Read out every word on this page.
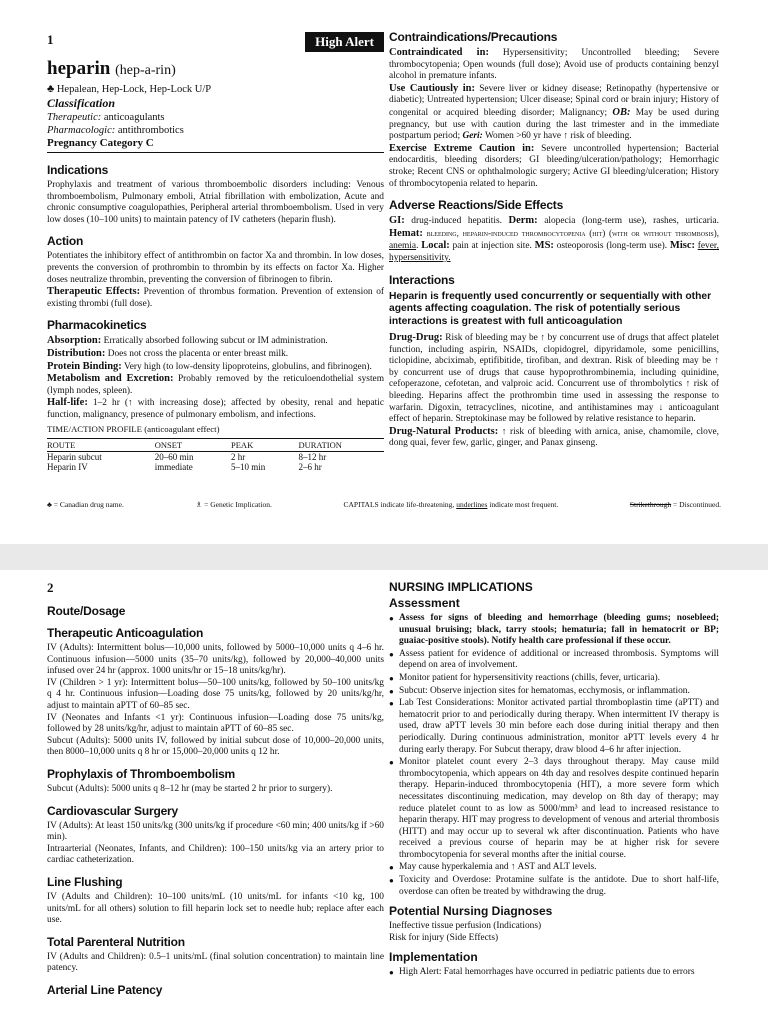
1	High Alert
heparin (hep-a-rin)
♣ Hepalean, Hep-Lock, Hep-Lock U/P
Classification
Therapeutic: anticoagulants
Pharmacologic: antithrombotics
Pregnancy Category C
Indications

Prophylaxis and treatment of various thromboembolic disorders including: Venous thromboembolism, Pulmonary emboli, Atrial fibrillation with embolization, Acute and chronic consumptive coagulopathies, Peripheral arterial thromboembolism. Used in very low doses (10–100 units) to maintain patency of IV catheters (heparin flush).

Action

Potentiates the inhibitory effect of antithrombin on factor Xa and thrombin. In low doses, prevents the conversion of prothrombin to thrombin by its effects on factor Xa. Higher doses neutralize thrombin, preventing the conversion of fibrinogen to fibrin.

Therapeutic Effects: Prevention of thrombus formation. Prevention of extension of existing thrombi (full dose).

Pharmacokinetics

Absorption: Erratically absorbed following subcut or IM administration.

Distribution: Does not cross the placenta or enter breast milk.

Protein Binding: Very high (to low-density lipoproteins, globulins, and fibrinogen).

Metabolism and Excretion: Probably removed by the reticuloendothelial system (lymph nodes, spleen).

Half-life: 1–2 hr (↑ with increasing dose); affected by obesity, renal and hepatic function, malignancy, presence of pulmonary embolism, and infections.

TIME/ACTION PROFILE (anticoagulant effect)

ROUTE	ONSET	PEAK	DURATION
Heparin subcut	20–60 min	2 hr	8–12 hr
Heparin IV	immediate	5–10 min	2–6 hr
Contraindications/Precautions

Contraindicated in: Hypersensitivity; Uncontrolled bleeding; Severe thrombocytopenia; Open wounds (full dose); Avoid use of products containing benzyl alcohol in premature infants.

Use Cautiously in: Severe liver or kidney disease; Retinopathy (hypertensive or diabetic); Untreated hypertension; Ulcer disease; Spinal cord or brain injury; History of congenital or acquired bleeding disorder; Malignancy; OB: May be used during pregnancy, but use with caution during the last trimester and in the immediate postpartum period; Geri: Women >60 yr have ↑ risk of bleeding.

Exercise Extreme Caution in: Severe uncontrolled hypertension; Bacterial endocarditis, bleeding disorders; GI bleeding/ulceration/pathology; Hemorrhagic stroke; Recent CNS or ophthalmologic surgery; Active GI bleeding/ulceration; History of thrombocytopenia related to heparin.

Adverse Reactions/Side Effects

GI: drug-induced hepatitis. Derm: alopecia (long-term use), rashes, urticaria. Hemat: bleeding, heparin-induced thrombocytopenia (hit) (with or without thrombosis), anemia. Local: pain at injection site. MS: osteoporosis (long-term use). Misc: fever, hypersensitivity.

Interactions
Heparin is frequently used concurrently or sequentially with other agents affecting coagulation. The risk of potentially serious interactions is greatest with full anticoagulation

Drug-Drug: Risk of bleeding may be ↑ by concurrent use of drugs that affect platelet function, including aspirin, NSAIDs, clopidogrel, dipyridamole, some penicillins, ticlopidine, abciximab, eptifibitide, tirofiban, and dextran. Risk of bleeding may be ↑ by concurrent use of drugs that cause hypoprothrombinemia, including quinidine, cefoperazone, cefotetan, and valproic acid. Concurrent use of thrombolytics ↑ risk of bleeding. Heparins affect the prothrombin time used in assessing the response to warfarin. Digoxin, tetracyclines, nicotine, and antihistamines may ↓ anticoagulant effect of heparin. Streptokinase may be followed by relative resistance to heparin.

Drug-Natural Products: ↑ risk of bleeding with arnica, anise, chamomile, clove, dong quai, fever few, garlic, ginger, and Panax ginseng.

♣ = Canadian drug name.	♗ = Genetic Implication.	CAPITALS indicate life-threatening, underlines indicate most frequent.	Strikethrough = Discontinued.
2
Route/Dosage
Therapeutic Anticoagulation

IV (Adults): Intermittent bolus—10,000 units, followed by 5000–10,000 units q 4–6 hr. Continuous infusion—5000 units (35–70 units/kg), followed by 20,000–40,000 units infused over 24 hr (approx. 1000 units/hr or 15–18 units/kg/hr).

IV (Children > 1 yr): Intermittent bolus—50–100 units/kg, followed by 50–100 units/kg q 4 hr. Continuous infusion—Loading dose 75 units/kg, followed by 20 units/kg/hr, adjust to maintain aPTT of 60–85 sec.

IV (Neonates and Infants <1 yr): Continuous infusion—Loading dose 75 units/kg, followed by 28 units/kg/hr, adjust to maintain aPTT of 60–85 sec.

Subcut (Adults): 5000 units IV, followed by initial subcut dose of 10,000–20,000 units, then 8000–10,000 units q 8 hr or 15,000–20,000 units q 12 hr.

Prophylaxis of Thromboembolism

Subcut (Adults): 5000 units q 8–12 hr (may be started 2 hr prior to surgery).

Cardiovascular Surgery

IV (Adults): At least 150 units/kg (300 units/kg if procedure <60 min; 400 units/kg if >60 min).

Intraarterial (Neonates, Infants, and Children): 100–150 units/kg via an artery prior to cardiac catheterization.

Line Flushing

IV (Adults and Children): 10–100 units/mL (10 units/mL for infants <10 kg, 100 units/mL for all others) solution to fill heparin lock set to needle hub; replace after each use.

Total Parenteral Nutrition

IV (Adults and Children): 0.5–1 units/mL (final solution concentration) to maintain line patency.

Arterial Line Patency
NURSING IMPLICATIONS
Assessment
● Assess for signs of bleeding and hemorrhage (bleeding gums; nosebleed; unusual bruising; black, tarry stools; hematuria; fall in hematocrit or BP; guaiac-positive stools). Notify health care professional if these occur.
● Assess patient for evidence of additional or increased thrombosis. Symptoms will depend on area of involvement.
● Monitor patient for hypersensitivity reactions (chills, fever, urticaria).
● Subcut: Observe injection sites for hematomas, ecchymosis, or inflammation.
● Lab Test Considerations: Monitor activated partial thromboplastin time (aPTT) and hematocrit prior to and periodically during therapy. When intermittent IV therapy is used, draw aPTT levels 30 min before each dose during initial therapy and then periodically. During continuous administration, monitor aPTT levels every 4 hr during early therapy. For Subcut therapy, draw blood 4–6 hr after injection.
● Monitor platelet count every 2–3 days throughout therapy. May cause mild thrombocytopenia, which appears on 4th day and resolves despite continued heparin therapy. Heparin-induced thrombocytopenia (HIT), a more severe form which necessitates discontinuing medication, may develop on 8th day of therapy; may reduce platelet count to as low as 5000/mm³ and lead to increased resistance to heparin therapy. HIT may progress to development of venous and arterial thrombosis (HITT) and may occur up to several wk after discontinuation. Patients who have received a previous course of heparin may be at higher risk for severe thrombocytopenia for several months after the initial course.
● May cause hyperkalemia and ↑ AST and ALT levels.
● Toxicity and Overdose: Protamine sulfate is the antidote. Due to short half-life, overdose can often be treated by withdrawing the drug.
Potential Nursing Diagnoses

Ineffective tissue perfusion (Indications)

Risk for injury (Side Effects)

Implementation
● High Alert: Fatal hemorrhages have occurred in pediatric patients due to errors
